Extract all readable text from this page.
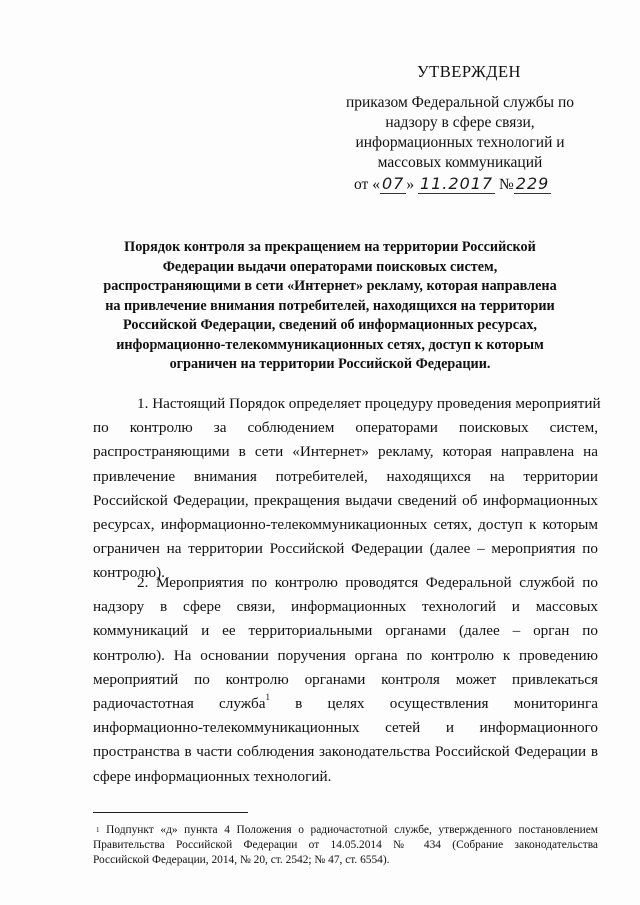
УТВЕРЖДЕН
приказом Федеральной службы по
надзору в сфере связи,
информационных технологий и
массовых коммуникаций
от « 07 » 11.2017 № 229
Порядок контроля за прекращением на территории Российской
Федерации выдачи операторами поисковых систем,
распространяющими в сети «Интернет» рекламу, которая направлена
на привлечение внимания потребителей, находящихся на территории
Российской Федерации, сведений об информационных ресурсах,
информационно-телекоммуникационных сетях, доступ к которым
ограничен на территории Российской Федерации.
1. Настоящий Порядок определяет процедуру проведения мероприятий
по контролю за соблюдением операторами поисковых систем,
распространяющими в сети «Интернет» рекламу, которая направлена на
привлечение внимания потребителей, находящихся на территории
Российской Федерации, прекращения выдачи сведений об информационных
ресурсах, информационно-телекоммуникационных сетях, доступ к которым
ограничен на территории Российской Федерации (далее – мероприятия по
контролю).
2. Мероприятия по контролю проводятся Федеральной службой по
надзору в сфере связи, информационных технологий и массовых
коммуникаций и ее территориальными органами (далее – орган по
контролю). На основании поручения органа по контролю к проведению
мероприятий по контролю органами контроля может привлекаться
радиочастотная служба$^1$ в целях осуществления мониторинга
информационно-телекоммуникационных сетей и информационного
пространства в части соблюдения законодательства Российской Федерации в
сфере информационных технологий.
$^1$ Подпункт «д» пункта 4 Положения о радиочастотной службе, утвержденного постановлением
Правительства Российской Федерации от 14.05.2014 № 434 (Собрание законодательства
Российской Федерации, 2014, № 20, ст. 2542; № 47, ст. 6554).
